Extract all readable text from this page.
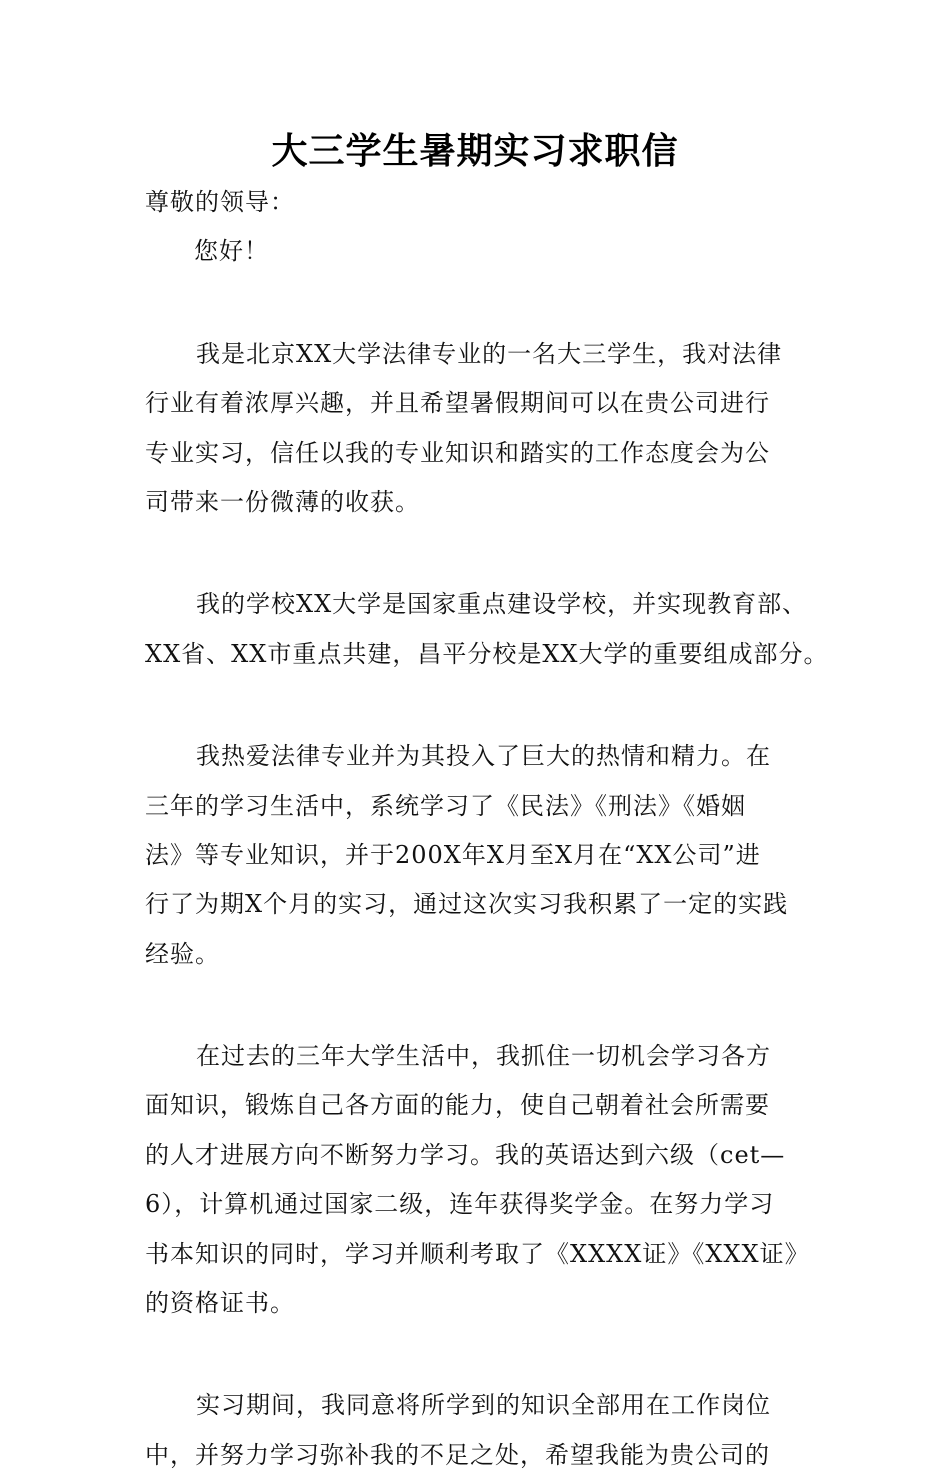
大三学生暑期实习求职信
尊敬的领导：
您好！
我是北京XX大学法律专业的一名大三学生，我对法律
行业有着浓厚兴趣，并且希望暑假期间可以在贵公司进行
专业实习，信任以我的专业知识和踏实的工作态度会为公
司带来一份微薄的收获。
我的学校XX大学是国家重点建设学校，并实现教育部、
XX省、XX市重点共建，昌平分校是XX大学的重要组成部分。
我热爱法律专业并为其投入了巨大的热情和精力。在
三年的学习生活中，系统学习了《民法》《刑法》《婚姻
法》等专业知识，并于200X年X月至X月在“XX公司”进
行了为期X个月的实习，通过这次实习我积累了一定的实践
经验。
在过去的三年大学生活中，我抓住一切机会学习各方
面知识，锻炼自己各方面的能力，使自己朝着社会所需要
的人才进展方向不断努力学习。我的英语达到六级（cet—
6），计算机通过国家二级，连年获得奖学金。在努力学习
书本知识的同时，学习并顺利考取了《XXXX证》《XXX证》
的资格证书。
实习期间，我同意将所学到的知识全部用在工作岗位
中，并努力学习弥补我的不足之处，希望我能为贵公司的
